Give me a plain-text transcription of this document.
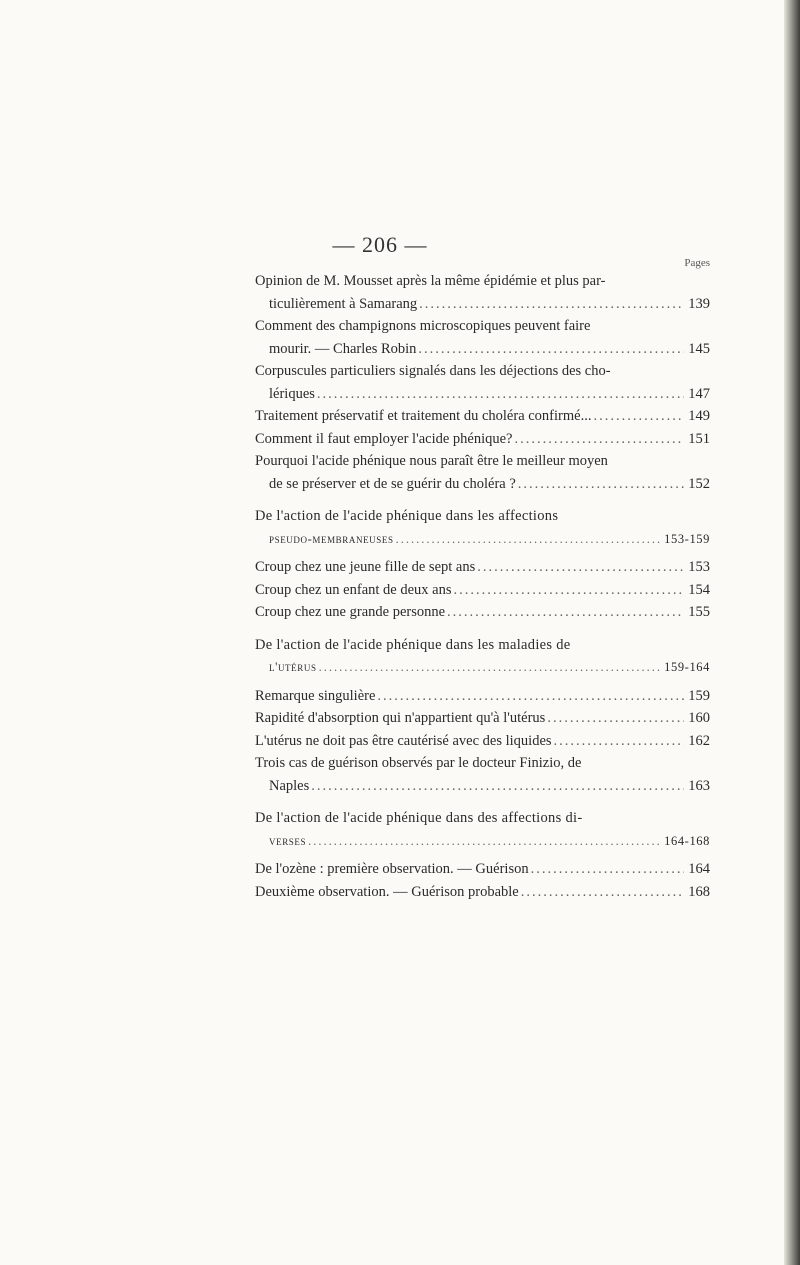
— 206 —
Pages
Opinion de M. Mousset après la même épidémie et plus par-
ticulièrement à Samarang .....	139
Comment des champignons microscopiques peuvent faire
mourir. — Charles Robin .....	145
Corpuscules particuliers signalés dans les déjections des cho-
lériques .....	147
Traitement préservatif et traitement du choléra confirmé... .....	149
Comment il faut employer l'acide phénique? .....	151
Pourquoi l'acide phénique nous paraît être le meilleur moyen
de se préserver et de se guérir du choléra ? .....	152
De l'action de l'acide phénique dans les affections
pseudo-membraneuses .....	153-159
Croup chez une jeune fille de sept ans .....	153
Croup chez un enfant de deux ans .....	154
Croup chez une grande personne .....	155
De l'action de l'acide phénique dans les maladies de
l'utérus .....	159-164
Remarque singulière .....	159
Rapidité d'absorption qui n'appartient qu'à l'utérus .....	160
L'utérus ne doit pas être cautérisé avec des liquides .....	162
Trois cas de guérison observés par le docteur Finizio, de
Naples .....	163
De l'action de l'acide phénique dans des affections di-
verses .....	164-168
De l'ozène : première observation. — Guérison .....	164
Deuxième observation. — Guérison probable .....	168
